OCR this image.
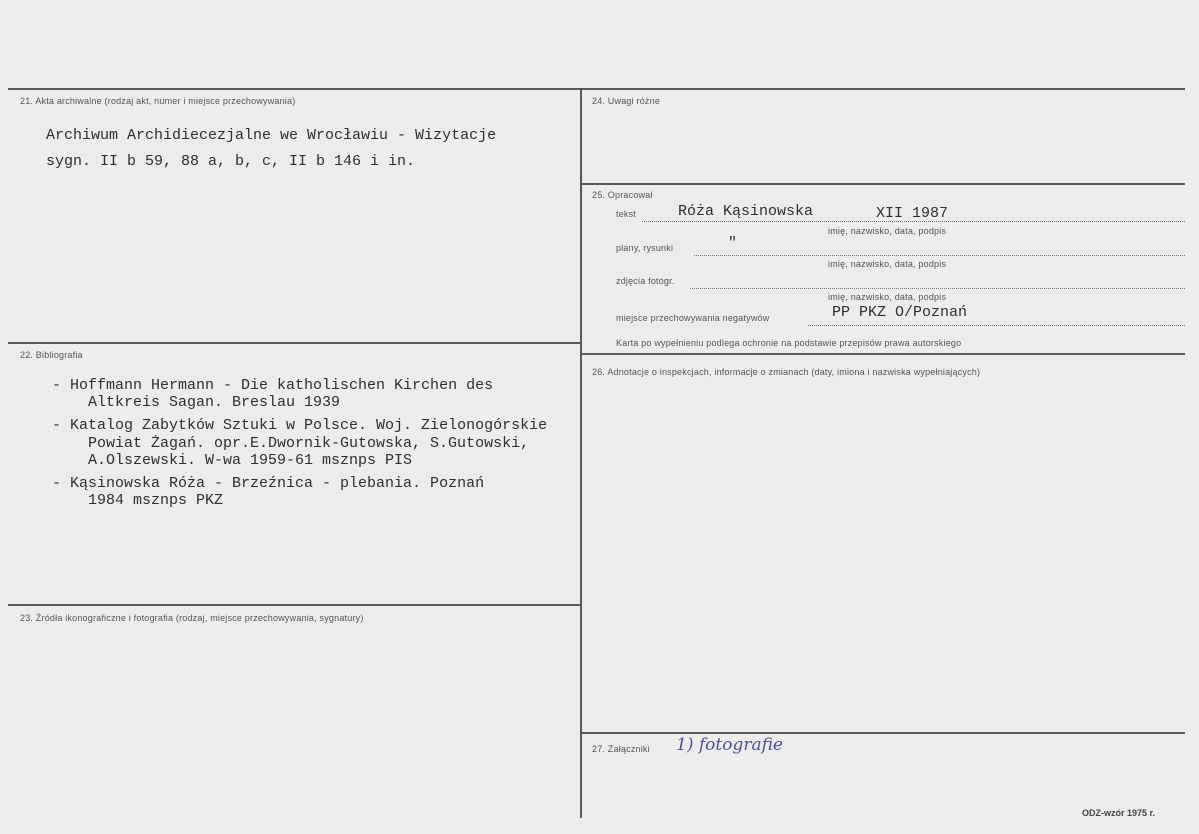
21. Akta archiwalne (rodzaj akt, numer i miejsce przechowywania)
Archiwum Archidiecezjalne we Wrocławiu - Wizytacje
sygn. II b 59, 88 a, b, c, II b 146 i in.
22. Bibliografia
- Hoffmann Hermann - Die katholischen Kirchen des
Altkreis Sagan. Breslau 1939
- Katalog Zabytków Sztuki w Polsce. Woj. Zielonogórskie
Powiat Żagań. opr.E.Dwornik-Gutowska, S.Gutowski,
A.Olszewski. W-wa 1959-61 msznps PIS
- Kąsinowska Róża - Brzeźnica - plebania. Poznań
1984 msznps PKZ
23. Źródła ikonograficzne i fotografia (rodzaj, miejsce przechowywania, sygnatury)
24. Uwagi różne
25. Opracował
tekst	Róża Kąsinowska	XII 1987
imię, nazwisko, data, podpis
plany, rysunki	"
imię, nazwisko, data, podpis
zdjęcia fotogr.
imię, nazwisko, data, podpis
miejsce przechowywania negatywów	PP PKZ O/Poznań
Karta po wypełnieniu podlega ochronie na podstawie przepisów prawa autorskiego
26. Adnotacje o inspekcjach, informacje o zmianach (daty, imiona i nazwiska wypełniających)
27. Załączniki 1) fotografie
ODZ-wzór 1975 r.
